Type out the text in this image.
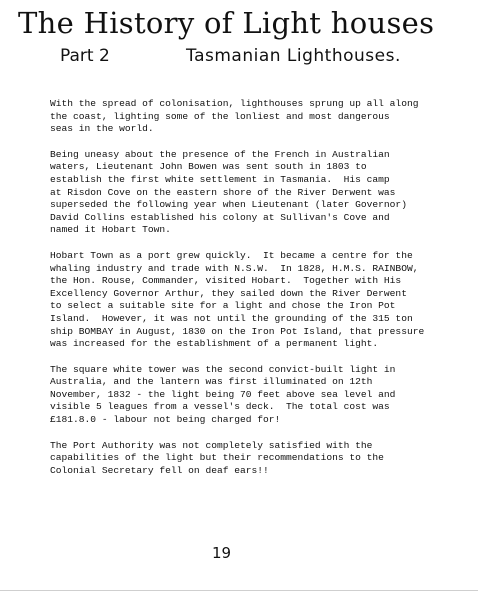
The History of Light houses
Part 2	Tasmanian Lighthouses.

With the spread of colonisation, lighthouses sprung up all along
the coast, lighting some of the lonliest and most dangerous
seas in the world.

Being uneasy about the presence of the French in Australian
waters, Lieutenant John Bowen was sent south in 1803 to
establish the first white settlement in Tasmania.  His camp
at Risdon Cove on the eastern shore of the River Derwent was
superseded the following year when Lieutenant (later Governor)
David Collins established his colony at Sullivan's Cove and
named it Hobart Town.

Hobart Town as a port grew quickly.  It became a centre for the
whaling industry and trade with N.S.W.  In 1828, H.M.S. RAINBOW,
the Hon. Rouse, Commander, visited Hobart.  Together with His
Excellency Governor Arthur, they sailed down the River Derwent
to select a suitable site for a light and chose the Iron Pot
Island.  However, it was not until the grounding of the 315 ton
ship BOMBAY in August, 1830 on the Iron Pot Island, that pressure
was increased for the establishment of a permanent light.

The square white tower was the second convict-built light in
Australia, and the lantern was first illuminated on 12th
November, 1832 - the light being 70 feet above sea level and
visible 5 leagues from a vessel's deck.  The total cost was
£181.8.0 - labour not being charged for!

The Port Authority was not completely satisfied with the
capabilities of the light but their recommendations to the
Colonial Secretary fell on deaf ears!!

19
